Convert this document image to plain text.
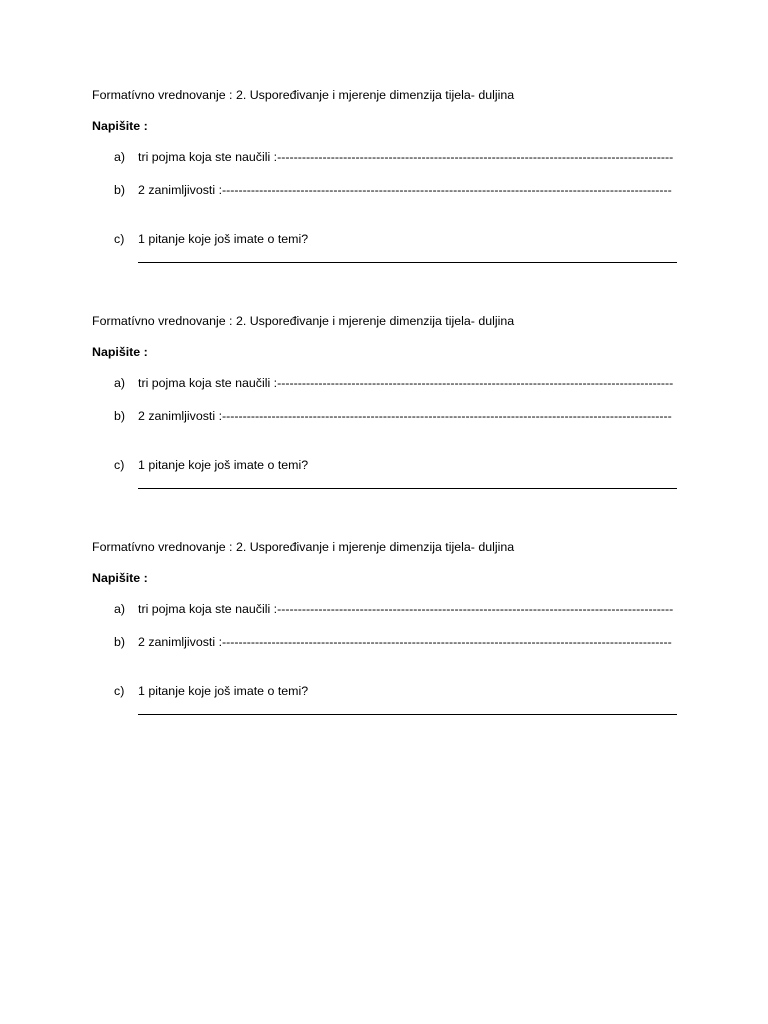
Formatívno vrednovanje : 2. Uspoređivanje i mjerenje dimenzija tijela- duljina
Napišite :
a) tri pojma koja ste naučili :------------------------------------------------------------------------------------------------
b) 2 zanimljivosti :-------------------------------------------------------------------------------------------------------------
c) 1 pitanje koje još imate o temi?
Formatívno vrednovanje : 2. Uspoređivanje i mjerenje dimenzija tijela- duljina
Napišite :
a) tri pojma koja ste naučili :------------------------------------------------------------------------------------------------
b) 2 zanimljivosti :-------------------------------------------------------------------------------------------------------------
c) 1 pitanje koje još imate o temi?
Formatívno vrednovanje : 2. Uspoređivanje i mjerenje dimenzija tijela- duljina
Napišite :
a) tri pojma koja ste naučili :------------------------------------------------------------------------------------------------
b) 2 zanimljivosti :-------------------------------------------------------------------------------------------------------------
c) 1 pitanje koje još imate o temi?
